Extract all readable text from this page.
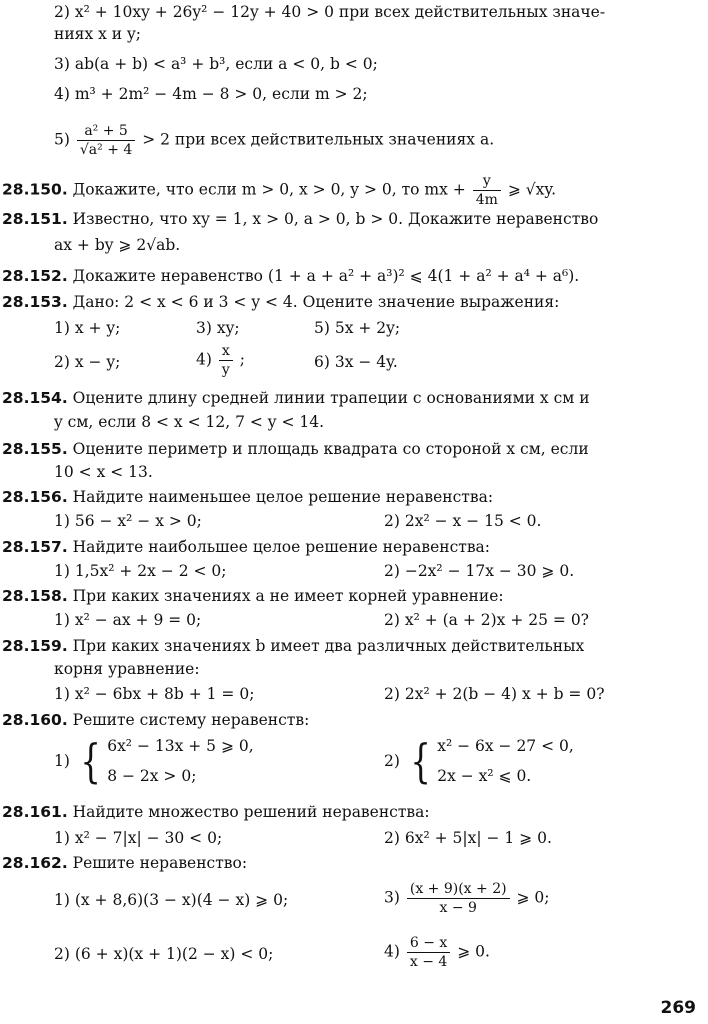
2) x² + 10xy + 26y² − 12y + 40 > 0 при всех действительных значе-
ниях x и y;
3) ab(a + b) < a³ + b³, если a < 0, b < 0;
4) m³ + 2m² − 4m − 8 > 0, если m > 2;
$5) \frac{\text{a² + 5}}{\text{√a² + 4}} > 2$ при всех действительных значениях a.
28.150. Докажите, что если m > 0, x > 0, y > 0, то mx + $\frac{y}{4m}$ ⩾ √xy.
28.151. Известно, что xy = 1, x > 0, a > 0, b > 0. Докажите неравенство
ax + by ⩾ 2√ab.
28.152. Докажите неравенство (1 + a + a² + a³)² ⩽ 4(1 + a² + a⁴ + a⁶).
28.153. Дано: 2 < x < 6 и 3 < y < 4. Оцените значение выражения:
1) x + y;	3) xy;	5) 5x + 2y;
2) x − y;	$4) \frac{x}{y}$ ;	6) 3x − 4y.
28.154. Оцените длину средней линии трапеции с основаниями x см и
y см, если 8 < x < 12, 7 < y < 14.
28.155. Оцените периметр и площадь квадрата со стороной x см, если
10 < x < 13.
28.156. Найдите наименьшее целое решение неравенства:
1) 56 − x² − x > 0;	2) 2x² − x − 15 < 0.
28.157. Найдите наибольшее целое решение неравенства:
1) 1,5x² + 2x − 2 < 0;	2) −2x² − 17x − 30 ⩾ 0.
28.158. При каких значениях a не имеет корней уравнение:
1) x² − ax + 9 = 0;	2) x² + (a + 2)x + 25 = 0?
28.159. При каких значениях b имеет два различных действительных
корня уравнение:
1) x² − 6bx + 8b + 1 = 0;	2) 2x² + 2(b − 4) x + b = 0?
28.160. Решите систему неравенств:
1) { 6x² − 13x + 5 ⩾ 0,
8 − 2x > 0;
2) { x² − 6x − 27 < 0,
2x − x² ⩽ 0.
28.161. Найдите множество решений неравенства:
1) x² − 7|x| − 30 < 0;	2) 6x² + 5|x| − 1 ⩾ 0.
28.162. Решите неравенство:
1) (x + 8,6)(3 − x)(4 − x) ⩾ 0;	$3) \frac{(x + 9)(x + 2)}{x - 9}$ ⩾ 0;
2) (6 + x)(x + 1)(2 − x) < 0;	$4) \frac{6 - x}{x - 4}$ ⩾ 0.
269
